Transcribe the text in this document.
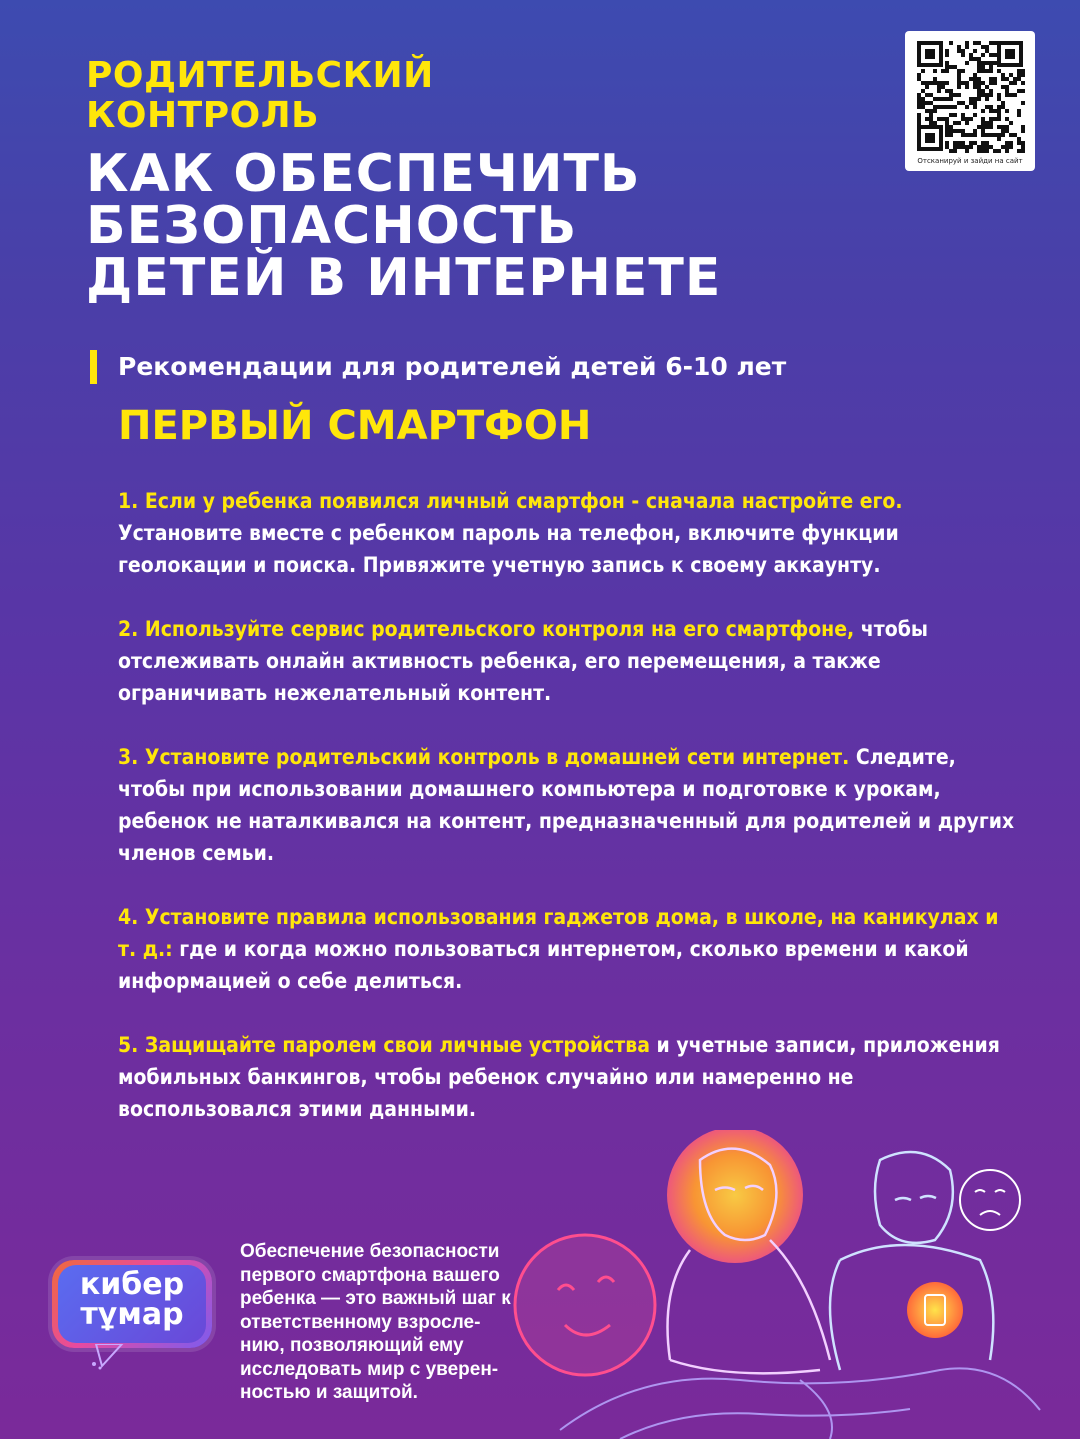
РОДИТЕЛЬСКИЙ
КОНТРОЛЬ
КАК ОБЕСПЕЧИТЬ
БЕЗОПАСНОСТЬ
ДЕТЕЙ В ИНТЕРНЕТЕ
Отсканируй и зайди на сайт
Рекомендации для родителей детей 6-10 лет
ПЕРВЫЙ СМАРТФОН

1. Если у ребенка появился личный смартфон - сначала настройте его. Установите вместе с ребенком пароль на телефон, включите функции геолокации и поиска. Привяжите учетную запись к своему аккаунту.

2. Используйте сервис родительского контроля на его смартфоне, чтобы отслеживать онлайн активность ребенка, его перемещения, а также ограничивать нежелательный контент.

3. Установите родительский контроль в домашней сети интернет. Следите, чтобы при использовании домашнего компьютера и подготовке к урокам, ребенок не наталкивался на контент, предназначенный для родителей и других членов семьи.

4. Установите правила использования гаджетов дома, в школе, на каникулах и т. д.: где и когда можно пользоваться интернетом, сколько времени и какой информацией о себе делиться.

5. Защищайте паролем свои личные устройства и учетные записи, приложения мобильных банкингов, чтобы ребенок случайно или намеренно не воспользовался этими данными.

кибер
тұмар
Обеспечение безопасности первого смартфона вашего ребенка — это важный шаг к ответственному взросле-нию, позволяющий ему исследовать мир с уверен-ностью и защитой.
